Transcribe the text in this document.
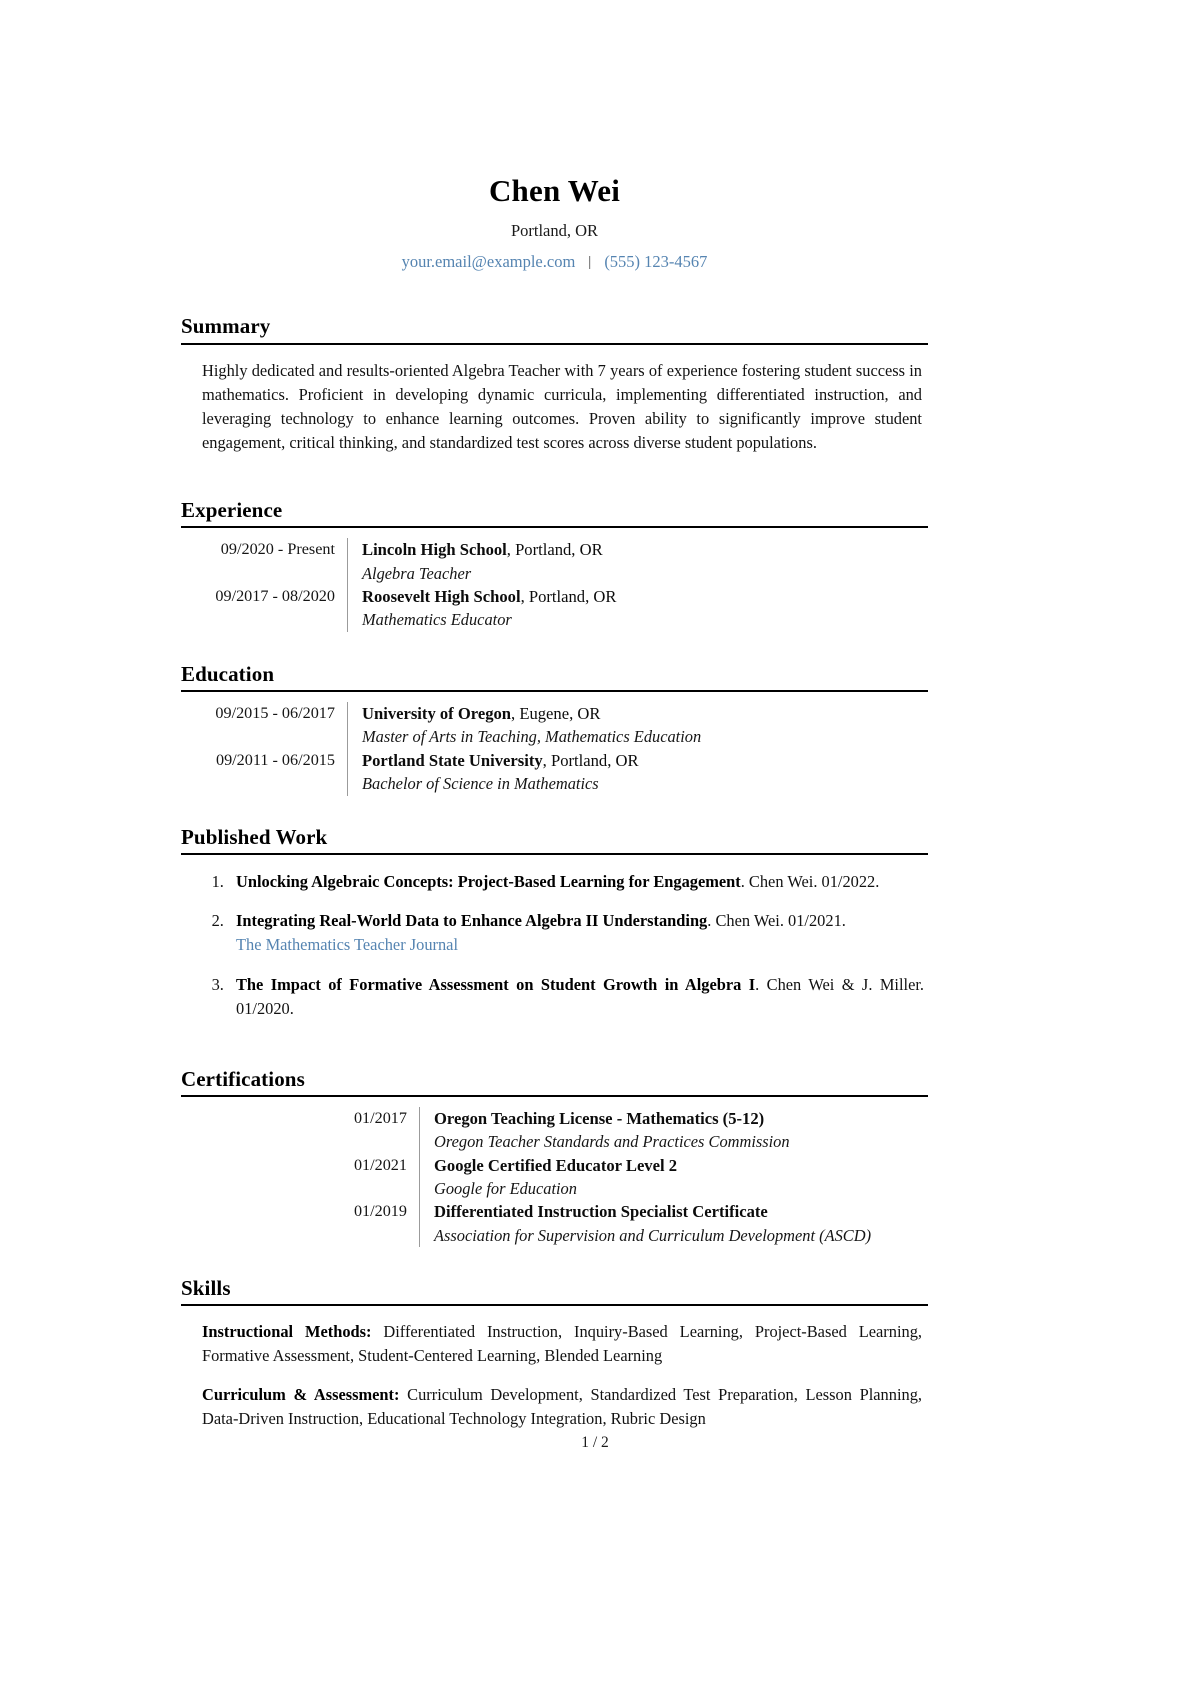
Chen Wei
Portland, OR
your.email@example.com | (555) 123-4567
Summary
Highly dedicated and results-oriented Algebra Teacher with 7 years of experience fostering student success in mathematics. Proficient in developing dynamic curricula, implementing differentiated instruction, and leveraging technology to enhance learning outcomes. Proven ability to significantly improve student engagement, critical thinking, and standardized test scores across diverse student populations.
Experience
09/2020 - Present	Lincoln High School, Portland, OR
Algebra Teacher
09/2017 - 08/2020	Roosevelt High School, Portland, OR
Mathematics Educator
Education
09/2015 - 06/2017	University of Oregon, Eugene, OR
Master of Arts in Teaching, Mathematics Education
09/2011 - 06/2015	Portland State University, Portland, OR
Bachelor of Science in Mathematics
Published Work
1. Unlocking Algebraic Concepts: Project-Based Learning for Engagement. Chen Wei. 01/2022.
2. Integrating Real-World Data to Enhance Algebra II Understanding. Chen Wei. 01/2021.
The Mathematics Teacher Journal
3. The Impact of Formative Assessment on Student Growth in Algebra I. Chen Wei & J. Miller. 01/2020.
Certifications
01/2017	Oregon Teaching License - Mathematics (5-12)
Oregon Teacher Standards and Practices Commission
01/2021	Google Certified Educator Level 2
Google for Education
01/2019	Differentiated Instruction Specialist Certificate
Association for Supervision and Curriculum Development (ASCD)
Skills
Instructional Methods: Differentiated Instruction, Inquiry-Based Learning, Project-Based Learning, Formative Assessment, Student-Centered Learning, Blended Learning
Curriculum & Assessment: Curriculum Development, Standardized Test Preparation, Lesson Planning, Data-Driven Instruction, Educational Technology Integration, Rubric Design
1 / 2
